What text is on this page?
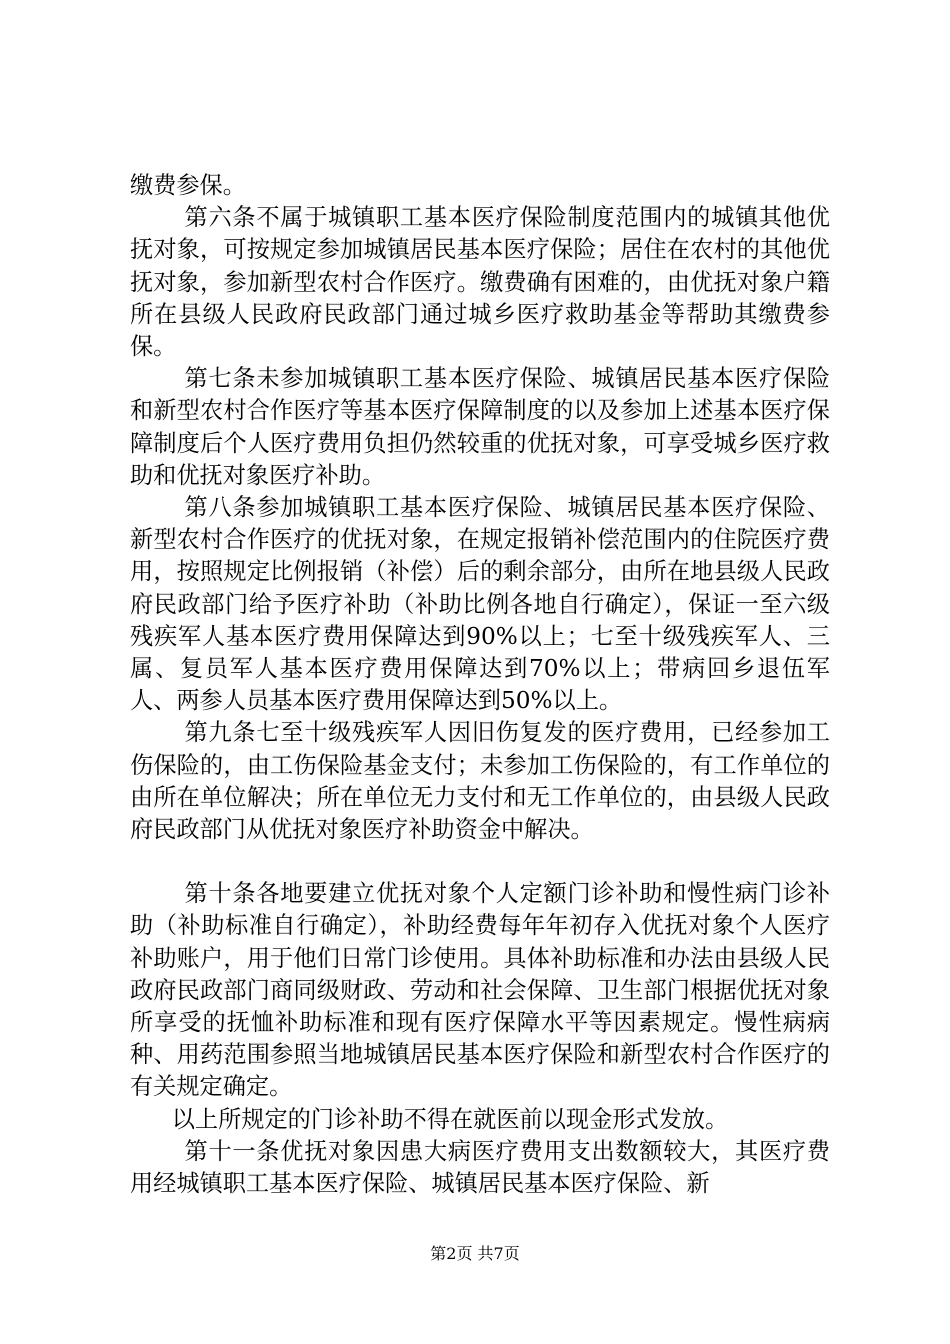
缴费参保。

第六条不属于城镇职工基本医疗保险制度范围内的城镇其他优抚对象，可按规定参加城镇居民基本医疗保险；居住在农村的其他优抚对象，参加新型农村合作医疗。缴费确有困难的，由优抚对象户籍所在县级人民政府民政部门通过城乡医疗救助基金等帮助其缴费参保。

第七条未参加城镇职工基本医疗保险、城镇居民基本医疗保险和新型农村合作医疗等基本医疗保障制度的以及参加上述基本医疗保障制度后个人医疗费用负担仍然较重的优抚对象，可享受城乡医疗救助和优抚对象医疗补助。

第八条参加城镇职工基本医疗保险、城镇居民基本医疗保险、新型农村合作医疗的优抚对象，在规定报销补偿范围内的住院医疗费用，按照规定比例报销（补偿）后的剩余部分，由所在地县级人民政府民政部门给予医疗补助（补助比例各地自行确定），保证一至六级残疾军人基本医疗费用保障达到90%以上；七至十级残疾军人、三属、复员军人基本医疗费用保障达到70%以上；带病回乡退伍军人、两参人员基本医疗费用保障达到50%以上。

第九条七至十级残疾军人因旧伤复发的医疗费用，已经参加工伤保险的，由工伤保险基金支付；未参加工伤保险的，有工作单位的由所在单位解决；所在单位无力支付和无工作单位的，由县级人民政府民政部门从优抚对象医疗补助资金中解决。

第十条各地要建立优抚对象个人定额门诊补助和慢性病门诊补助（补助标准自行确定），补助经费每年年初存入优抚对象个人医疗补助账户，用于他们日常门诊使用。具体补助标准和办法由县级人民政府民政部门商同级财政、劳动和社会保障、卫生部门根据优抚对象所享受的抚恤补助标准和现有医疗保障水平等因素规定。慢性病病种、用药范围参照当地城镇居民基本医疗保险和新型农村合作医疗的有关规定确定。

以上所规定的门诊补助不得在就医前以现金形式发放。

第十一条优抚对象因患大病医疗费用支出数额较大，其医疗费用经城镇职工基本医疗保险、城镇居民基本医疗保险、新

第2页 共7页
